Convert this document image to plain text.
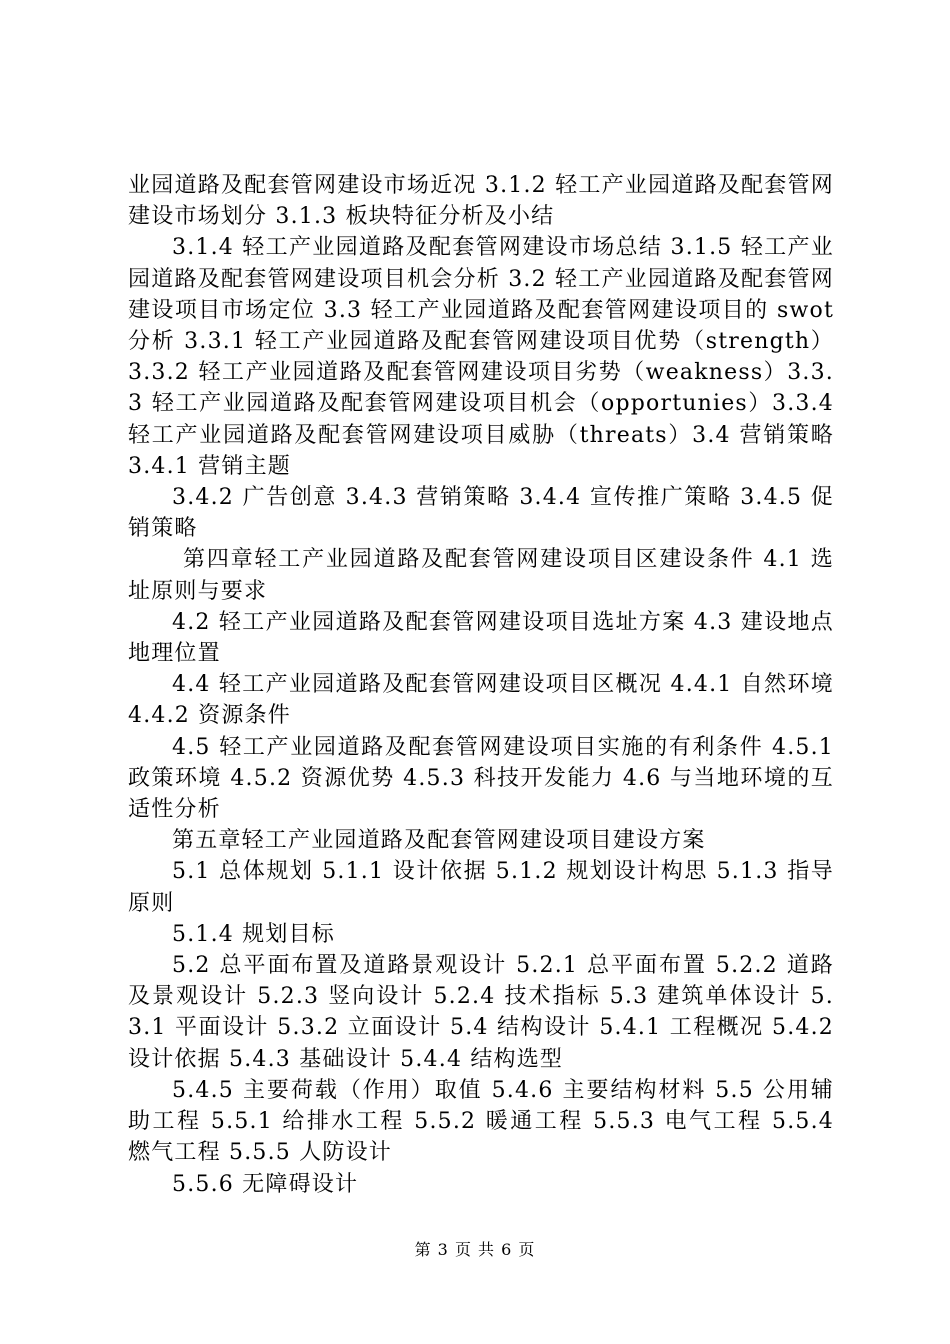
业园道路及配套管网建设市场近况 3.1.2 轻工产业园道路及配套管网建设市场划分 3.1.3 板块特征分析及小结

3.1.4 轻工产业园道路及配套管网建设市场总结 3.1.5 轻工产业园道路及配套管网建设项目机会分析 3.2 轻工产业园道路及配套管网建设项目市场定位 3.3 轻工产业园道路及配套管网建设项目的 swot 分析 3.3.1 轻工产业园道路及配套管网建设项目优势（strength）3.3.2 轻工产业园道路及配套管网建设项目劣势（weakness）3.3.3 轻工产业园道路及配套管网建设项目机会（opportunies）3.3.4 轻工产业园道路及配套管网建设项目威胁（threats）3.4 营销策略 3.4.1 营销主题

3.4.2 广告创意 3.4.3 营销策略 3.4.4 宣传推广策略 3.4.5 促销策略

第四章轻工产业园道路及配套管网建设项目区建设条件 4.1 选址原则与要求

4.2 轻工产业园道路及配套管网建设项目选址方案 4.3 建设地点地理位置

4.4 轻工产业园道路及配套管网建设项目区概况 4.4.1 自然环境 4.4.2 资源条件

4.5 轻工产业园道路及配套管网建设项目实施的有利条件 4.5.1 政策环境 4.5.2 资源优势 4.5.3 科技开发能力 4.6 与当地环境的互适性分析

第五章轻工产业园道路及配套管网建设项目建设方案

5.1 总体规划 5.1.1 设计依据 5.1.2 规划设计构思 5.1.3 指导原则

5.1.4 规划目标

5.2 总平面布置及道路景观设计 5.2.1 总平面布置 5.2.2 道路及景观设计 5.2.3 竖向设计 5.2.4 技术指标 5.3 建筑单体设计 5.3.1 平面设计 5.3.2 立面设计 5.4 结构设计 5.4.1 工程概况 5.4.2 设计依据 5.4.3 基础设计 5.4.4 结构选型

5.4.5 主要荷载（作用）取值 5.4.6 主要结构材料 5.5 公用辅助工程 5.5.1 给排水工程 5.5.2 暖通工程 5.5.3 电气工程 5.5.4 燃气工程 5.5.5 人防设计

5.5.6 无障碍设计

第 3 页 共 6 页
